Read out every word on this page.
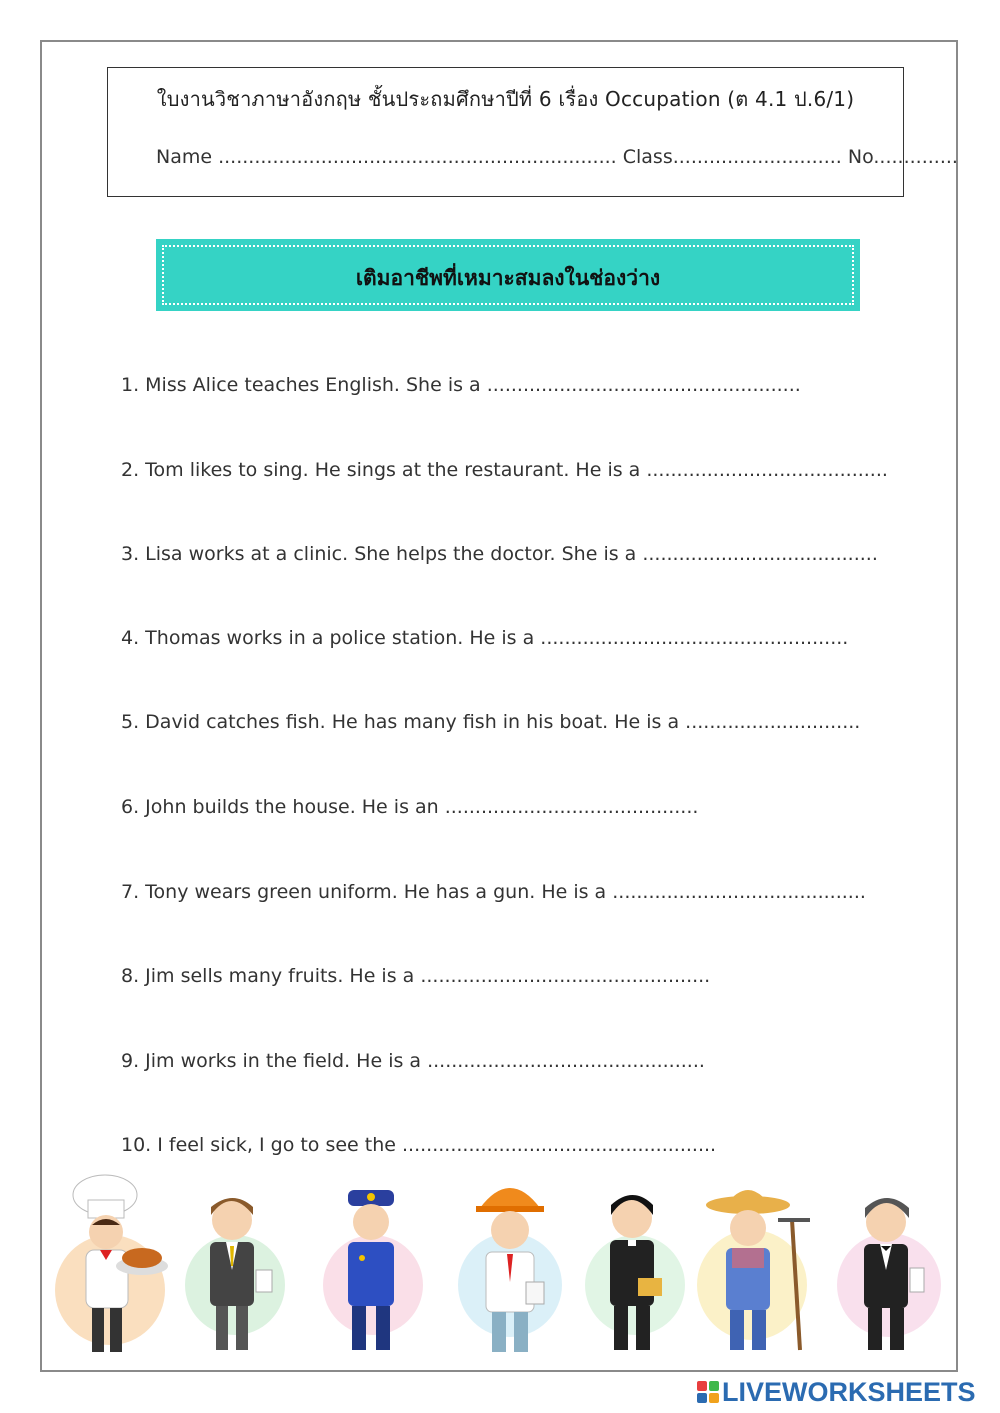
ใบงานวิชาภาษาอังกฤษ ชั้นประถมศึกษาปีที่ 6 เรื่อง Occupation (ต 4.1 ป.6/1)
Name .................................................................. Class............................ No..............
เติมอาชีพที่เหมาะสมลงในช่องว่าง
1. Miss Alice teaches English. She is a ....................................................
2. Tom likes to sing. He sings at the restaurant. He is a ........................................
3. Lisa works at a clinic. She helps the doctor. She is a .......................................
4. Thomas works in a police station. He is a ...................................................
5. David catches fish. He has many fish in his boat. He is a .............................
6. John builds the house. He is an ..........................................
7. Tony wears green uniform. He has a gun. He is a ..........................................
8. Jim sells many fruits. He is a ................................................
9. Jim works in the field. He is a ..............................................
10. I feel sick, I go to see the ....................................................
LIVEWORKSHEETS
